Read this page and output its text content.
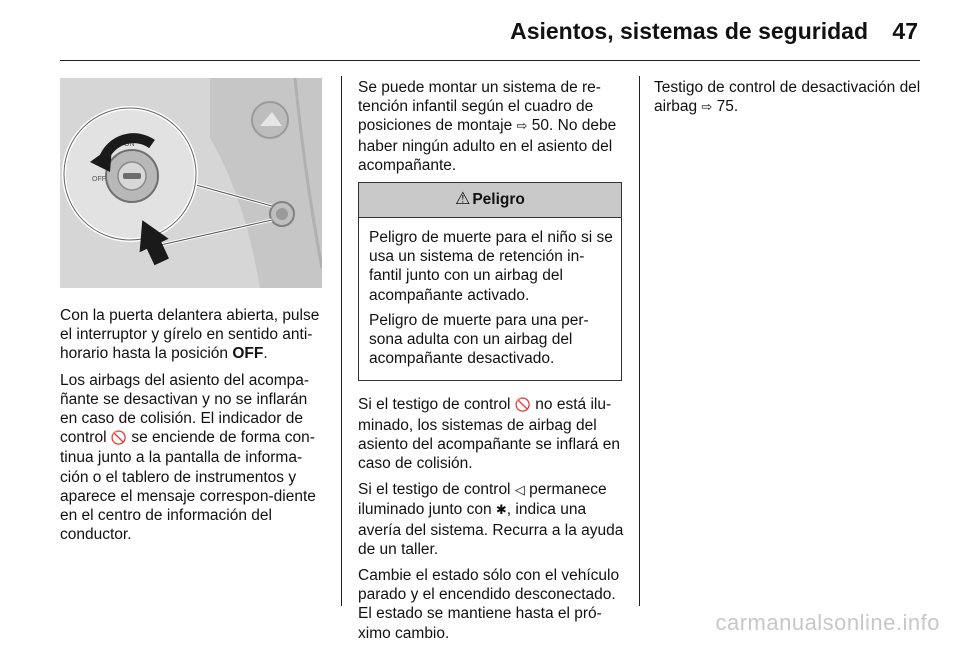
Asientos, sistemas de seguridad 47
ON
OFF

Con la puerta delantera abierta, pulse el interruptor y gírelo en sentido anti-horario hasta la posición OFF.

Los airbags del asiento del acompa-ñante se desactivan y no se inflarán en caso de colisión. El indicador de control 🚫 se enciende de forma con-tinua junto a la pantalla de informa-ción o el tablero de instrumentos y aparece el mensaje correspon-diente en el centro de información del conductor.

Se puede montar un sistema de re-tención infantil según el cuadro de posiciones de montaje ⇨ 50. No debe haber ningún adulto en el asiento del acompañante.

⚠ Peligro

Peligro de muerte para el niño si se usa un sistema de retención in-fantil junto con un airbag del acompañante activado.

Peligro de muerte para una per-sona adulta con un airbag del acompañante desactivado.

Si el testigo de control 🚫 no está ilu-minado, los sistemas de airbag del asiento del acompañante se inflará en caso de colisión.

Si el testigo de control ◁ permanece iluminado junto con ✱, indica una avería del sistema. Recurra a la ayuda de un taller.

Cambie el estado sólo con el vehículo parado y el encendido desconectado. El estado se mantiene hasta el pró-ximo cambio.

Testigo de control de desactivación del airbag ⇨ 75.

carmanualsonline.info
